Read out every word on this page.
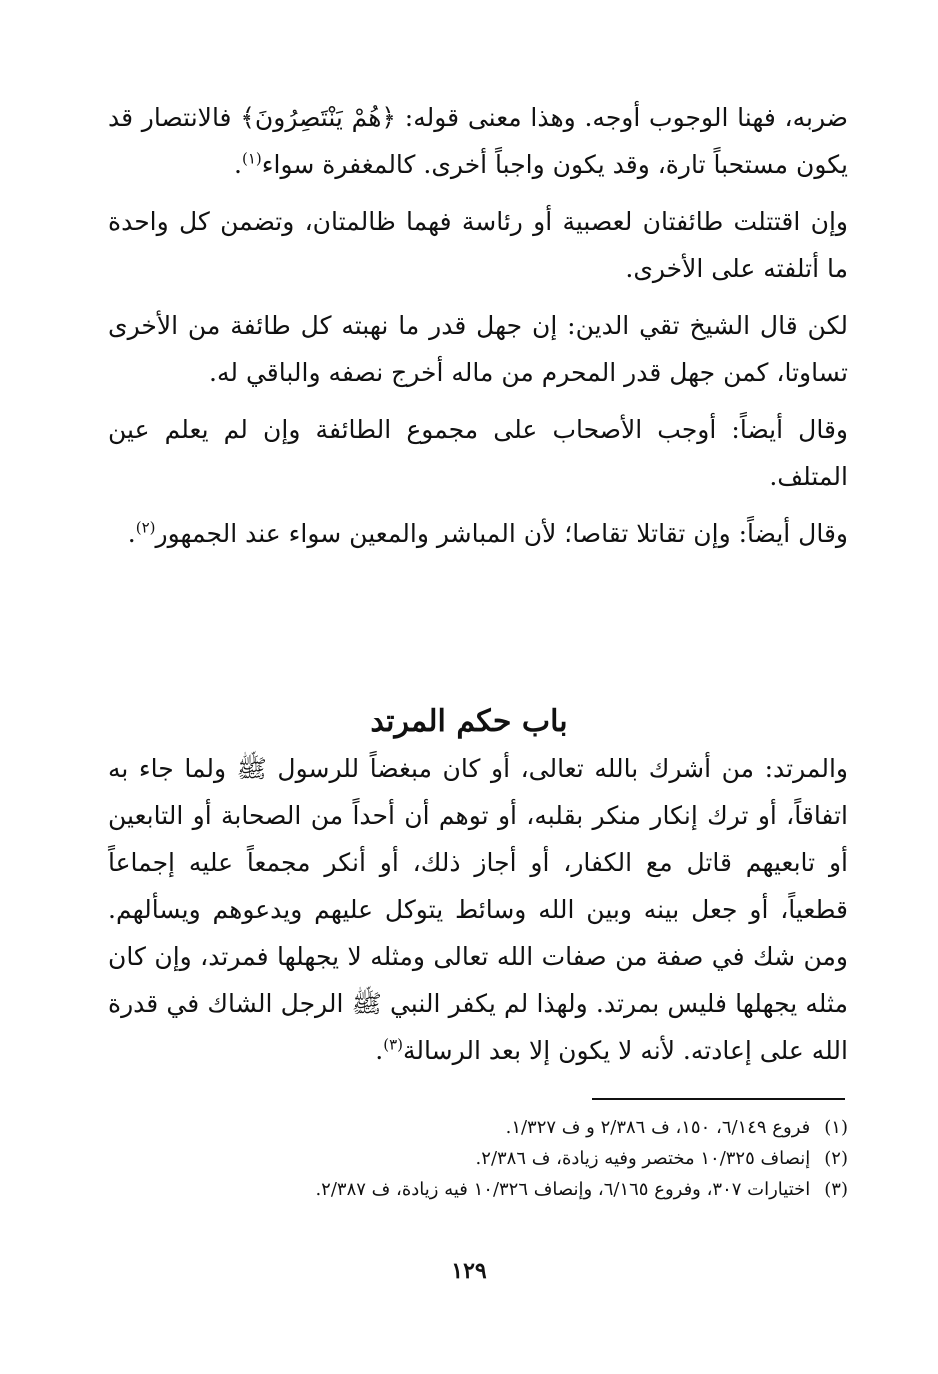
ضربه، فهنا الوجوب أوجه. وهذا معنى قوله: ﴿هُمْ يَنْتَصِرُونَ﴾ فالانتصار قد يكون مستحباً تارة، وقد يكون واجباً أخرى. كالمغفرة سواء$^{(١)}$.

وإن اقتتلت طائفتان لعصبية أو رئاسة فهما ظالمتان، وتضمن كل واحدة ما أتلفته على الأخرى.

لكن قال الشيخ تقي الدين: إن جهل قدر ما نهبته كل طائفة من الأخرى تساوتا، كمن جهل قدر المحرم من ماله أخرج نصفه والباقي له.

وقال أيضاً: أوجب الأصحاب على مجموع الطائفة وإن لم يعلم عين المتلف.

وقال أيضاً: وإن تقاتلا تقاصا؛ لأن المباشر والمعين سواء عند الجمهور$^{(٢)}$.

باب حكم المرتد

والمرتد: من أشرك بالله تعالى، أو كان مبغضاً للرسول ﷺ ولما جاء به اتفاقاً، أو ترك إنكار منكر بقلبه، أو توهم أن أحداً من الصحابة أو التابعين أو تابعيهم قاتل مع الكفار، أو أجاز ذلك، أو أنكر مجمعاً عليه إجماعاً قطعياً، أو جعل بينه وبين الله وسائط يتوكل عليهم ويدعوهم ويسألهم. ومن شك في صفة من صفات الله تعالى ومثله لا يجهلها فمرتد، وإن كان مثله يجهلها فليس بمرتد. ولهذا لم يكفر النبي ﷺ الرجل الشاك في قدرة الله على إعادته. لأنه لا يكون إلا بعد الرسالة$^{(٣)}$.

(١)فروع ٦/١٤٩، ١٥٠، ف ٢/٣٨٦ و ف ١/٣٢٧.
(٢)إنصاف ١٠/٣٢٥ مختصر وفيه زيادة، ف ٢/٣٨٦.
(٣)اختيارات ٣٠٧، وفروع ٦/١٦٥، وإنصاف ١٠/٣٢٦ فيه زيادة، ف ٢/٣٨٧.
١٢٩
